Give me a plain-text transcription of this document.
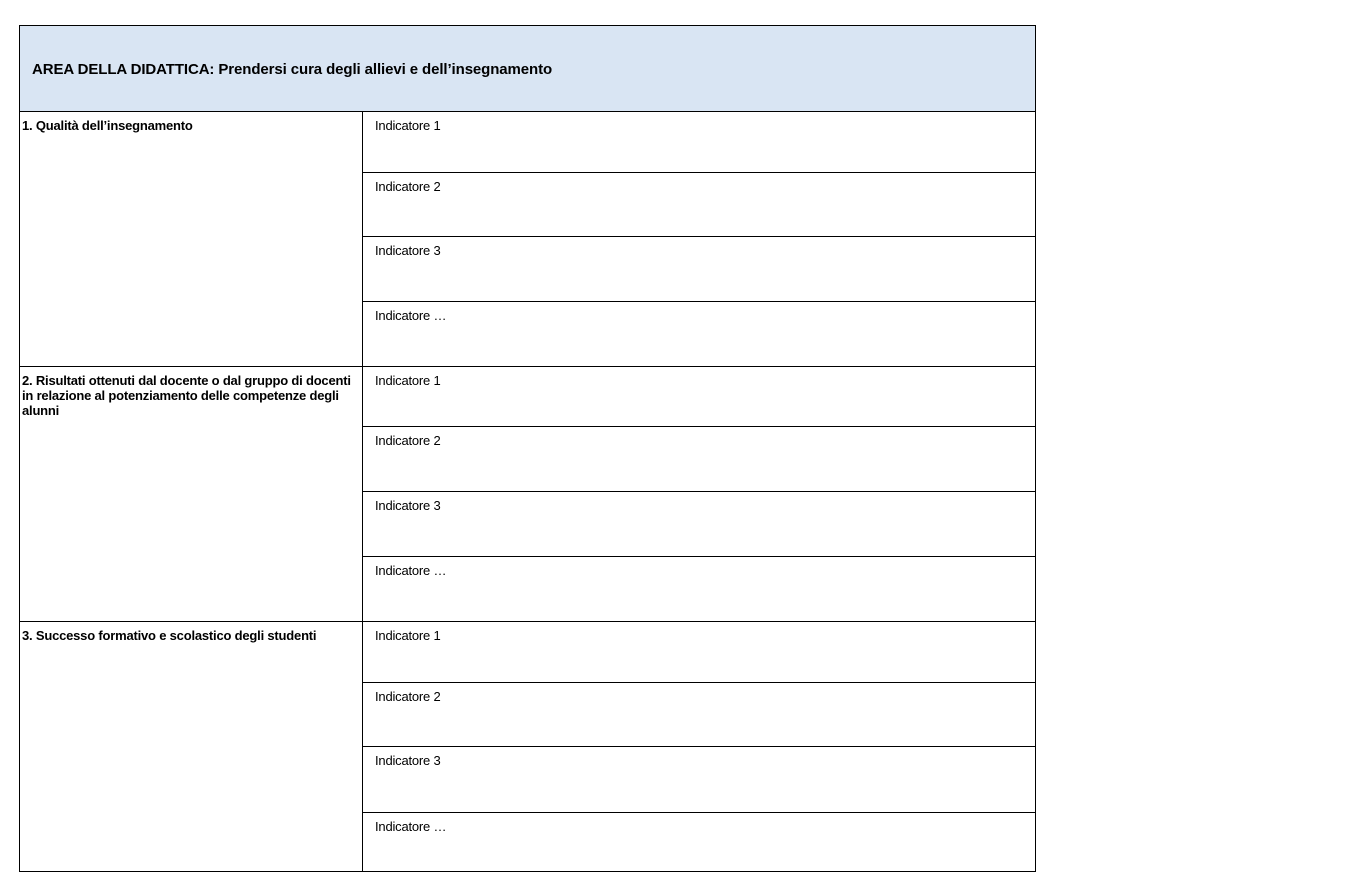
AREA DELLA DIDATTICA: Prendersi cura degli allievi e dell’insegnamento
1. Qualità dell’insegnamento	Indicatore 1
Indicatore 2
Indicatore 3
Indicatore …
2. Risultati ottenuti dal docente o dal gruppo di docenti in relazione al potenziamento delle competenze degli alunni
Indicatore 1
Indicatore 2
Indicatore 3
Indicatore …
3. Successo formativo e scolastico degli studenti	Indicatore 1
Indicatore 2
Indicatore 3
Indicatore …
